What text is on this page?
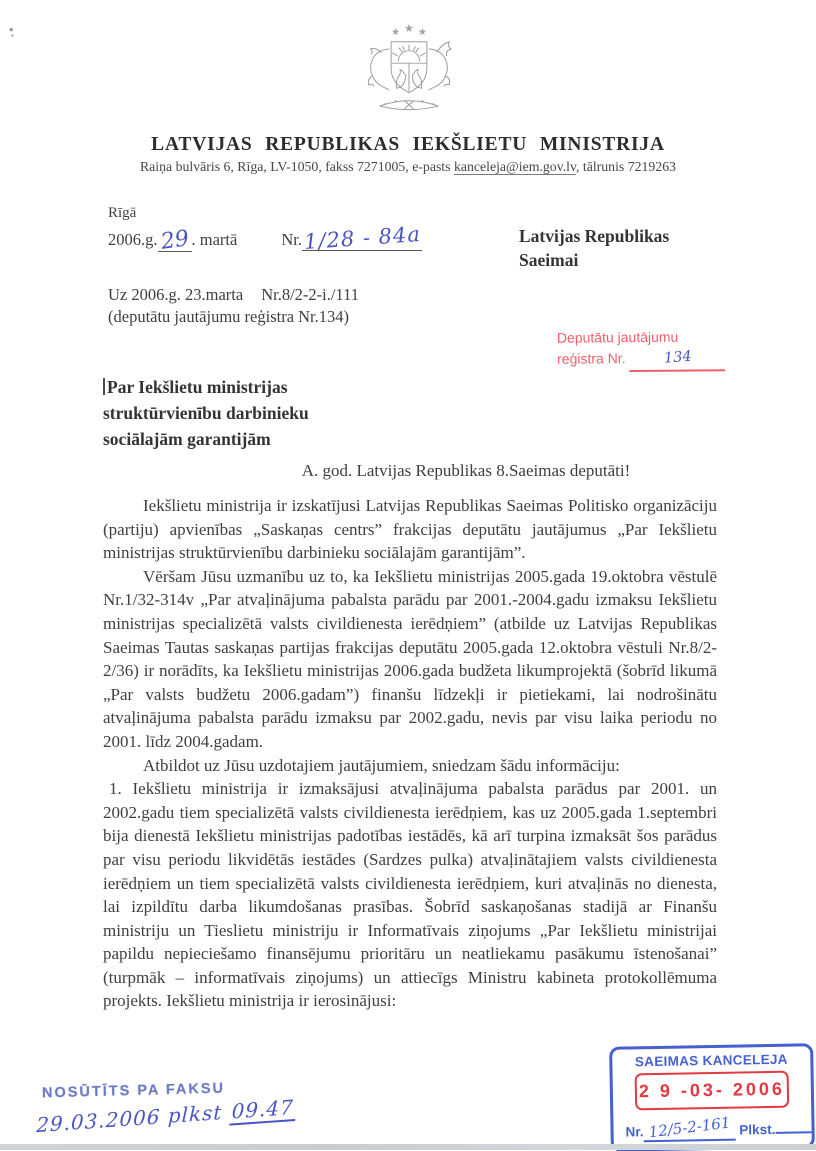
LATVIJAS REPUBLIKAS IEKŠLIETU MINISTRIJA
Raiņa bulvāris 6, Rīga, LV-1050, fakss 7271005, e-pasts kanceleja@iem.gov.lv, tālrunis 7219263
Rīgā
2006.g.29. martā	Nr.1/28 - 84a	Latvijas Republikas
Saeimai
Uz 2006.g. 23.marta Nr.8/2-2-i./111
(deputātu jautājumu reģistra Nr.134)
Deputātu jautājumu
reģistra Nr.	134
Par Iekšlietu ministrijas
struktūrvienību darbinieku
sociālajām garantijām
A. god. Latvijas Republikas 8.Saeimas deputāti!

Iekšlietu ministrija ir izskatījusi Latvijas Republikas Saeimas Politisko organizāciju (partiju) apvienības „Saskaņas centrs” frakcijas deputātu jautājumus „Par Iekšlietu ministrijas struktūrvienību darbinieku sociālajām garantijām”.

Vēršam Jūsu uzmanību uz to, ka Iekšlietu ministrijas 2005.gada 19.oktobra vēstulē Nr.1/32-314v „Par atvaļinājuma pabalsta parādu par 2001.-2004.gadu izmaksu Iekšlietu ministrijas specializētā valsts civildienesta ierēdņiem” (atbilde uz Latvijas Republikas Saeimas Tautas saskaņas partijas frakcijas deputātu 2005.gada 12.oktobra vēstuli Nr.8/2-2/36) ir norādīts, ka Iekšlietu ministrijas 2006.gada budžeta likumprojektā (šobrīd likumā „Par valsts budžetu 2006.gadam”) finanšu līdzekļi ir pietiekami, lai nodrošinātu atvaļinājuma pabalsta parādu izmaksu par 2002.gadu, nevis par visu laika periodu no 2001. līdz 2004.gadam.

Atbildot uz Jūsu uzdotajiem jautājumiem, sniedzam šādu informāciju:

1. Iekšlietu ministrija ir izmaksājusi atvaļinājuma pabalsta parādus par 2001. un 2002.gadu tiem specializētā valsts civildienesta ierēdņiem, kas uz 2005.gada 1.septembri bija dienestā Iekšlietu ministrijas padotības iestādēs, kā arī turpina izmaksāt šos parādus par visu periodu likvidētās iestādes (Sardzes pulka) atvaļinātajiem valsts civildienesta ierēdņiem un tiem specializētā valsts civildienesta ierēdņiem, kuri atvaļinās no dienesta, lai izpildītu darba likumdošanas prasības. Šobrīd saskaņošanas stadijā ar Finanšu ministriju un Tieslietu ministriju ir Informatīvais ziņojums „Par Iekšlietu ministrijai papildu nepieciešamo finansējumu prioritāru un neatliekamu pasākumu īstenošanai” (turpmāk – informatīvais ziņojums) un attiecīgs Ministru kabineta protokollēmuma projekts. Iekšlietu ministrija ir ierosinājusi:

NOSŪTĪTS PA FAKSU
29.03.2006 plkst 09.47
SAEIMAS KANCELEJA
2 9 -03- 2006
Nr. 12/5-2-161 Plkst.
